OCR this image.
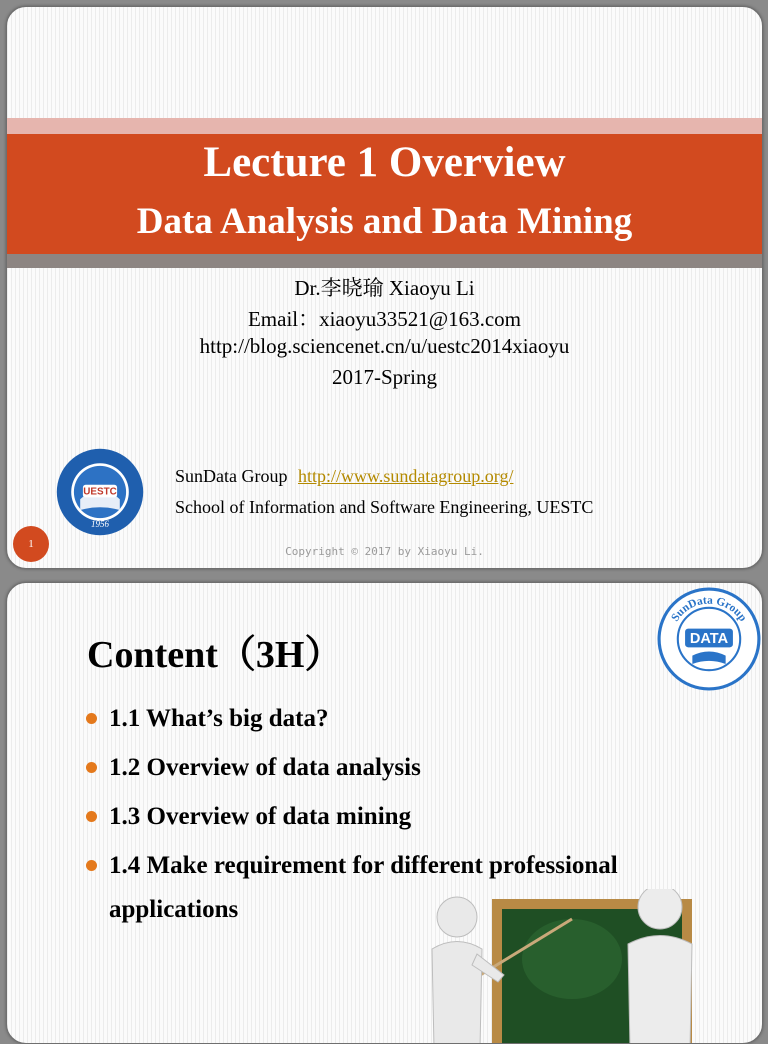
Lecture 1 Overview
Data Analysis and Data Mining
Dr.李晓瑜 Xiaoyu Li
Email：xiaoyu33521@163.com
http://blog.sciencenet.cn/u/uestc2014xiaoyu
2017-Spring
UESTC
1956
SunData Group http://www.sundatagroup.org/
School of Information and Software Engineering, UESTC
1
Copyright © 2017 by Xiaoyu Li.
Content（3H）
SunData Group
DATA
1.1 What’s big data?
1.2 Overview of data analysis
1.3 Overview of data mining
1.4 Make requirement for different professional applications
